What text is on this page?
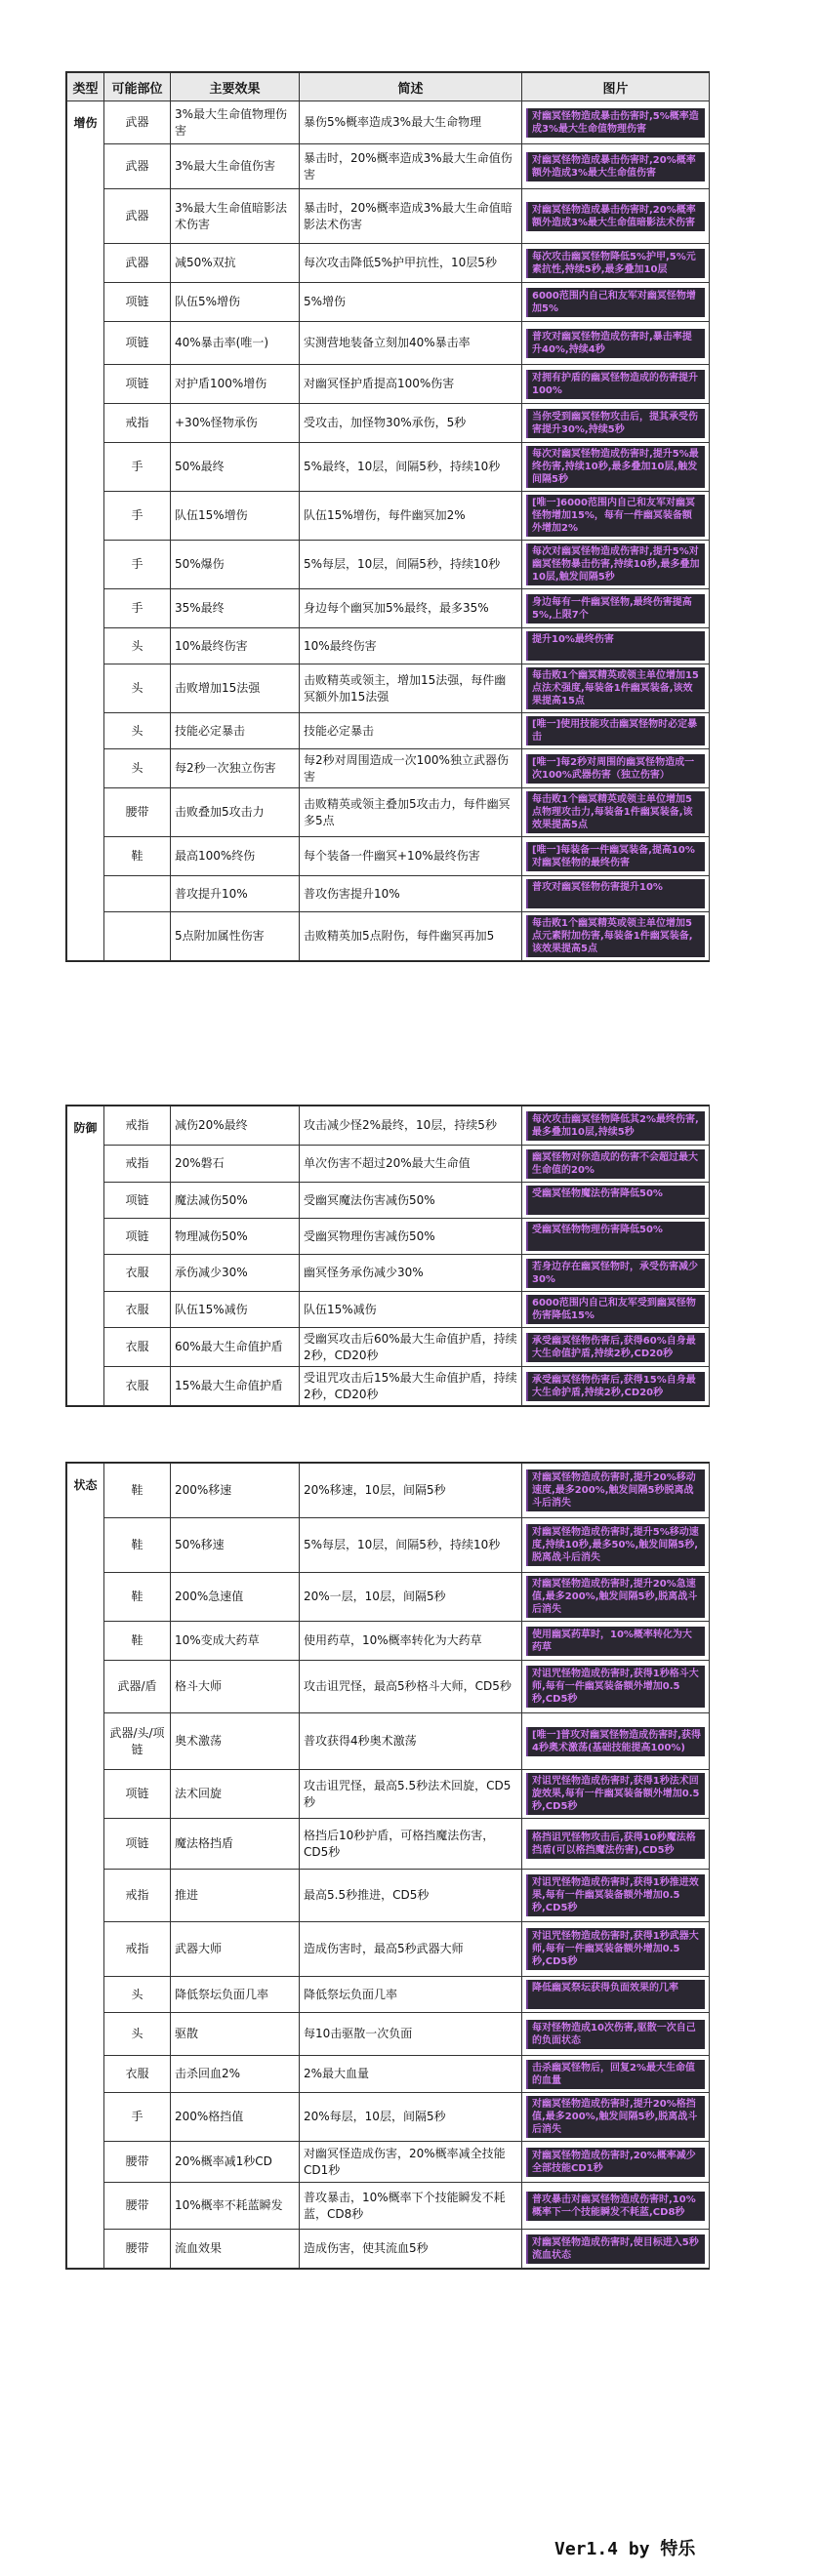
类型	可能部位	主要效果	简述	图片
增伤	武器	3%最大生命值物理伤害	暴伤5%概率造成3%最大生命物理	对幽冥怪物造成暴击伤害时,5%概率造成3%最大生命值物理伤害

	武器	3%最大生命值伤害	暴击时，20%概率造成3%最大生命值伤害	对幽冥怪物造成暴击伤害时,20%概率额外造成3%最大生命值伤害

	武器	3%最大生命值暗影法术伤害	暴击时，20%概率造成3%最大生命值暗影法术伤害	对幽冥怪物造成暴击伤害时,20%概率额外造成3%最大生命值暗影法术伤害

	武器	减50%双抗	每次攻击降低5%护甲抗性，10层5秒	每次攻击幽冥怪物降低5%护甲,5%元素抗性,持续5秒,最多叠加10层

	项链	队伍5%增伤	5%增伤	6000范围内自己和友军对幽冥怪物增加5%

	项链	40%暴击率(唯一)	实测营地装备立刻加40%暴击率	普攻对幽冥怪物造成伤害时,暴击率提升40%,持续4秒

	项链	对护盾100%增伤	对幽冥怪护盾提高100%伤害	对拥有护盾的幽冥怪物造成的伤害提升100%

	戒指	+30%怪物承伤	受攻击，加怪物30%承伤，5秒	当你受到幽冥怪物攻击后，提其承受伤害提升30%,持续5秒

	手	50%最终	5%最终，10层，间隔5秒，持续10秒	每次对幽冥怪物造成伤害时,提升5%最终伤害,持续10秒,最多叠加10层,触发间隔5秒

	手	队伍15%增伤	队伍15%增伤，每件幽冥加2%	[唯一]6000范围内自己和友军对幽冥怪物增加15%，每有一件幽冥装备额外增加2%

	手	50%爆伤	5%每层，10层，间隔5秒，持续10秒	每次对幽冥怪物造成伤害时,提升5%对幽冥怪物暴击伤害,持续10秒,最多叠加10层,触发间隔5秒

	手	35%最终	身边每个幽冥加5%最终，最多35%	身边每有一件幽冥怪物,最终伤害提高5%,上限7个

	头	10%最终伤害	10%最终伤害	提升10%最终伤害

	头	击败增加15法强	击败精英或领主，增加15法强，每件幽冥额外加15法强	每击败1个幽冥精英或领主单位增加15点法术强度,每装备1件幽冥装备,该效果提高15点

	头	技能必定暴击	技能必定暴击	[唯一]使用技能攻击幽冥怪物时必定暴击

	头	每2秒一次独立伤害	每2秒对周围造成一次100%独立武器伤害	[唯一]每2秒对周围的幽冥怪物造成一次100%武器伤害（独立伤害）

	腰带	击败叠加5攻击力	击败精英或领主叠加5攻击力，每件幽冥多5点	每击败1个幽冥精英或领主单位增加5点物理攻击力,每装备1件幽冥装备,该效果提高5点

	鞋	最高100%终伤	每个装备一件幽冥+10%最终伤害	[唯一]每装备一件幽冥装备,提高10%对幽冥怪物的最终伤害

		普攻提升10%	普攻伤害提升10%	普攻对幽冥怪物伤害提升10%

		5点附加属性伤害	击败精英加5点附伤，每件幽冥再加5	每击败1个幽冥精英或领主单位增加5点元素附加伤害,每装备1件幽冥装备,该效果提高5点
防御	戒指	减伤20%最终	攻击减少怪2%最终，10层，持续5秒	每次攻击幽冥怪物降低其2%最终伤害,最多叠加10层,持续5秒

	戒指	20%磐石	单次伤害不超过20%最大生命值	幽冥怪物对你造成的伤害不会超过最大生命值的20%

	项链	魔法减伤50%	受幽冥魔法伤害减伤50%	受幽冥怪物魔法伤害降低50%

	项链	物理减伤50%	受幽冥物理伤害减伤50%	受幽冥怪物物理伤害降低50%

	衣服	承伤减少30%	幽冥怪务承伤减少30%	若身边存在幽冥怪物时，承受伤害减少30%

	衣服	队伍15%减伤	队伍15%减伤	6000范围内自己和友军受到幽冥怪物伤害降低15%

	衣服	60%最大生命值护盾	受幽冥攻击后60%最大生命值护盾，持续2秒，CD20秒	承受幽冥怪物伤害后,获得60%自身最大生命值护盾,持续2秒,CD20秒

	衣服	15%最大生命值护盾	受诅咒攻击后15%最大生命值护盾，持续2秒，CD20秒	承受幽冥怪物伤害后,获得15%自身最大生命护盾,持续2秒,CD20秒
状态	鞋	200%移速	20%移速，10层，间隔5秒	对幽冥怪物造成伤害时,提升20%移动速度,最多200%,触发间隔5秒脱离战斗后消失

	鞋	50%移速	5%每层，10层，间隔5秒，持续10秒	对幽冥怪物造成伤害时,提升5%移动速度,持续10秒,最多50%,触发间隔5秒,脱离战斗后消失

	鞋	200%急速值	20%一层，10层，间隔5秒	对幽冥怪物造成伤害时,提升20%急速值,最多200%,触发间隔5秒,脱离战斗后消失

	鞋	10%变成大药草	使用药草，10%概率转化为大药草	使用幽冥药草时，10%概率转化为大药草

	武器/盾	格斗大师	攻击诅咒怪，最高5秒格斗大师，CD5秒	对诅咒怪物造成伤害时,获得1秒格斗大师,每有一件幽冥装备额外增加0.5秒,CD5秒

	武器/头/项链	奥术激荡	普攻获得4秒奥术激荡	[唯一]普攻对幽冥怪物造成伤害时,获得4秒奥术激荡(基础技能提高100%)

	项链	法术回旋	攻击诅咒怪，最高5.5秒法术回旋，CD5秒	对诅咒怪物造成伤害时,获得1秒法术回旋效果,每有一件幽冥装备额外增加0.5秒,CD5秒

	项链	魔法格挡盾	格挡后10秒护盾，可格挡魔法伤害，CD5秒	格挡诅咒怪物攻击后,获得10秒魔法格挡盾(可以格挡魔法伤害),CD5秒

	戒指	推进	最高5.5秒推进，CD5秒	对诅咒怪物造成伤害时,获得1秒推进效果,每有一件幽冥装备额外增加0.5秒,CD5秒

	戒指	武器大师	造成伤害时，最高5秒武器大师	对诅咒怪物造成伤害时,获得1秒武器大师,每有一件幽冥装备额外增加0.5秒,CD5秒

	头	降低祭坛负面几率	降低祭坛负面几率	降低幽冥祭坛获得负面效果的几率

	头	驱散	每10击驱散一次负面	每对怪物造成10次伤害,驱散一次自己的负面状态

	衣服	击杀回血2%	2%最大血量	击杀幽冥怪物后，回复2%最大生命值的血量

	手	200%格挡值	20%每层，10层，间隔5秒	对幽冥怪物造成伤害时,提升20%格挡值,最多200%,触发间隔5秒,脱离战斗后消失

	腰带	20%概率减1秒CD	对幽冥怪造成伤害，20%概率减全技能CD1秒	对幽冥怪物造成伤害时,20%概率减少全部技能CD1秒

	腰带	10%概率不耗蓝瞬发	普攻暴击，10%概率下个技能瞬发不耗蓝，CD8秒	普攻暴击对幽冥怪物造成伤害时,10%概率下一个技能瞬发不耗蓝,CD8秒

	腰带	流血效果	造成伤害，使其流血5秒	对幽冥怪物造成伤害时,使目标进入5秒流血状态
Ver1.4 by 特乐
